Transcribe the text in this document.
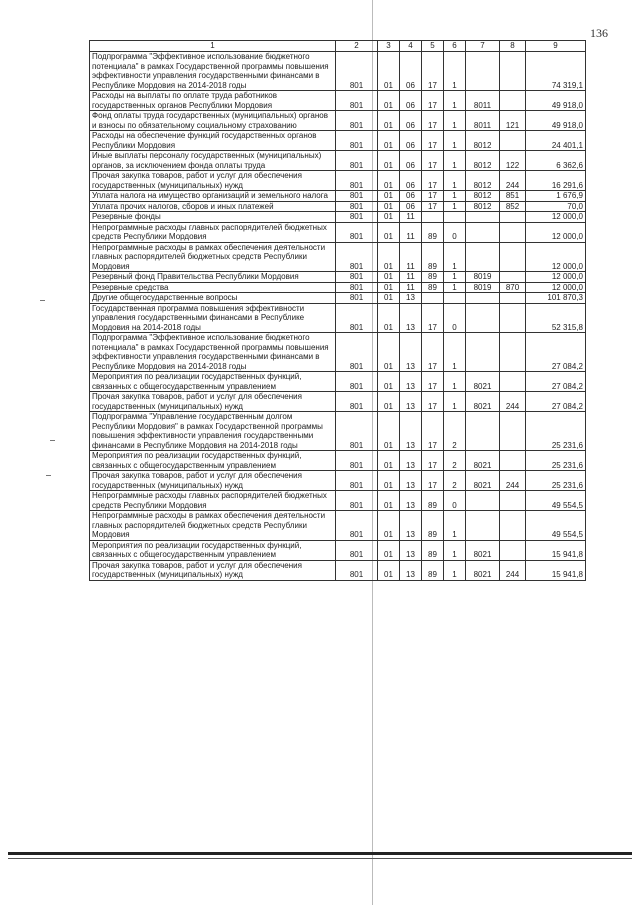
136
1	2	3	4	5	6	7	8	9
Подпрограмма "Эффективное использование бюджетного потенциала" в рамках Государственной программы повышения эффективности управления государственными финансами в Республике Мордовия на 2014-2018 годы	801	01	06	17	1			74 319,1
Расходы на выплаты по оплате труда работников государственных органов Республики Мордовия	801	01	06	17	1	8011		49 918,0
Фонд оплаты труда государственных (муниципальных) органов и взносы по обязательному социальному страхованию	801	01	06	17	1	8011	121	49 918,0
Расходы на обеспечение функций государственных органов Республики Мордовия	801	01	06	17	1	8012		24 401,1
Иные выплаты персоналу государственных (муниципальных) органов, за исключением фонда оплаты труда	801	01	06	17	1	8012	122	6 362,6
Прочая закупка товаров, работ и услуг для обеспечения государственных (муниципальных) нужд	801	01	06	17	1	8012	244	16 291,6
Уплата налога на имущество организаций и земельного налога	801	01	06	17	1	8012	851	1 676,9
Уплата прочих налогов, сборов и иных платежей	801	01	06	17	1	8012	852	70,0
Резервные фонды	801	01	11					12 000,0
Непрограммные расходы главных распорядителей бюджетных средств Республики Мордовия	801	01	11	89	0			12 000,0
Непрограммные расходы в рамках обеспечения деятельности главных распорядителей бюджетных средств Республики Мордовия	801	01	11	89	1			12 000,0
Резервный фонд Правительства Республики Мордовия	801	01	11	89	1	8019		12 000,0
Резервные средства	801	01	11	89	1	8019	870	12 000,0
Другие общегосударственные вопросы	801	01	13					101 870,3
Государственная программа повышения эффективности управления государственными финансами в Республике Мордовия на 2014-2018 годы	801	01	13	17	0			52 315,8
Подпрограмма "Эффективное использование бюджетного потенциала" в рамках Государственной программы повышения эффективности управления государственными финансами в Республике Мордовия на 2014-2018 годы	801	01	13	17	1			27 084,2
Мероприятия по реализации государственных функций, связанных с общегосударственным управлением	801	01	13	17	1	8021		27 084,2
Прочая закупка товаров, работ и услуг для обеспечения государственных (муниципальных) нужд	801	01	13	17	1	8021	244	27 084,2
Подпрограмма "Управление государственным долгом Республики Мордовия" в рамках Государственной программы повышения эффективности управления государственными финансами в Республике Мордовия на 2014-2018 годы	801	01	13	17	2			25 231,6
Мероприятия по реализации государственных функций, связанных с общегосударственным управлением	801	01	13	17	2	8021		25 231,6
Прочая закупка товаров, работ и услуг для обеспечения государственных (муниципальных) нужд	801	01	13	17	2	8021	244	25 231,6
Непрограммные расходы главных распорядителей бюджетных средств Республики Мордовия	801	01	13	89	0			49 554,5
Непрограммные расходы в рамках обеспечения деятельности главных распорядителей бюджетных средств Республики Мордовия	801	01	13	89	1			49 554,5
Мероприятия по реализации государственных функций, связанных с общегосударственным управлением	801	01	13	89	1	8021		15 941,8
Прочая закупка товаров, работ и услуг для обеспечения государственных (муниципальных) нужд	801	01	13	89	1	8021	244	15 941,8
